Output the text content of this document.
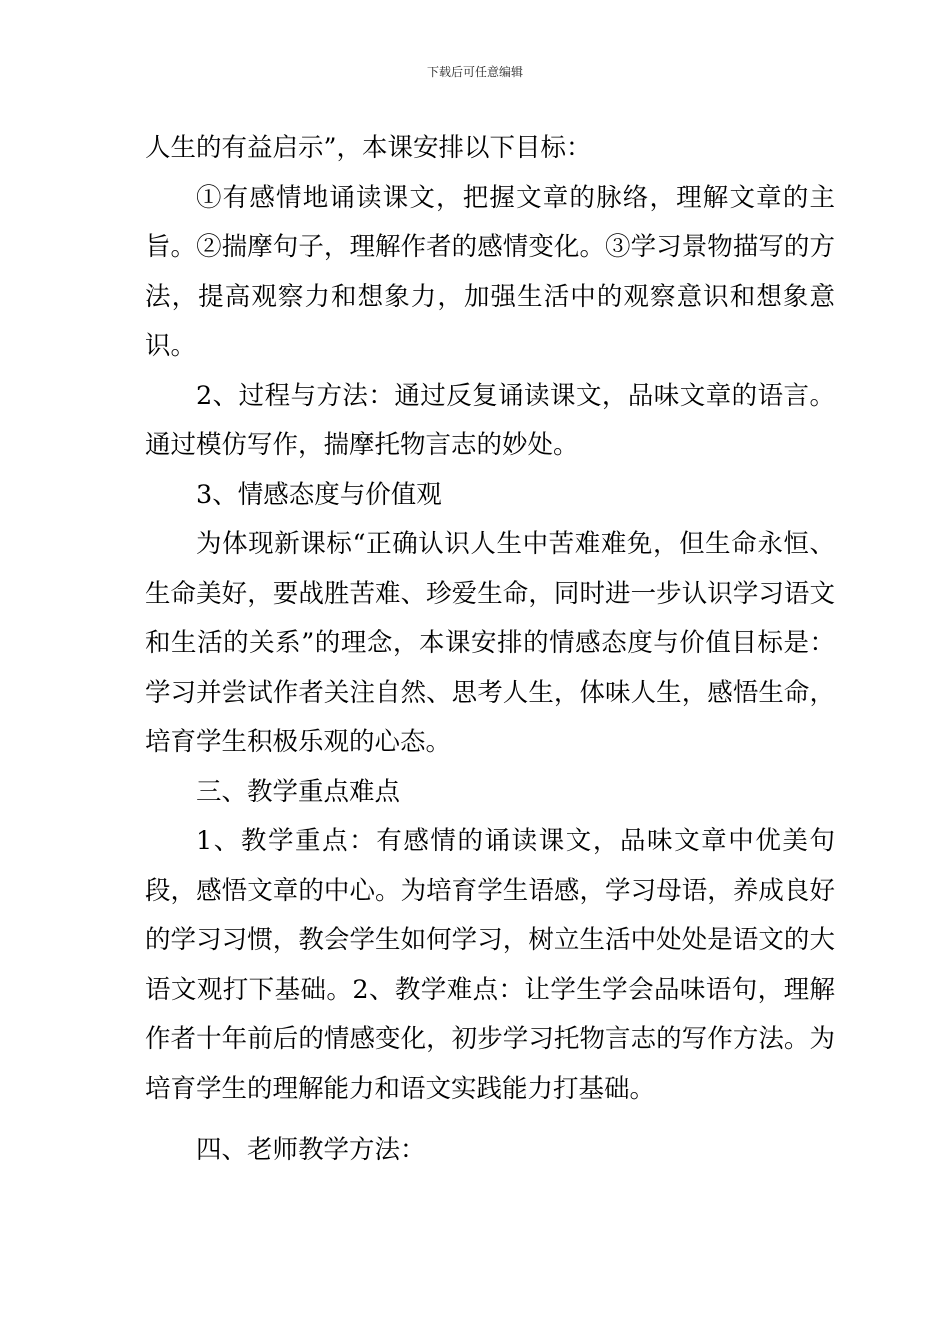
下载后可任意编辑

人生的有益启示”，本课安排以下目标：

①有感情地诵读课文，把握文章的脉络，理解文章的主旨。②揣摩句子，理解作者的感情变化。③学习景物描写的方法，提高观察力和想象力，加强生活中的观察意识和想象意识。

2、过程与方法：通过反复诵读课文，品味文章的语言。通过模仿写作，揣摩托物言志的妙处。

3、情感态度与价值观

为体现新课标“正确认识人生中苦难难免，但生命永恒、生命美好，要战胜苦难、珍爱生命，同时进一步认识学习语文和生活的关系”的理念，本课安排的情感态度与价值目标是：学习并尝试作者关注自然、思考人生，体味人生，感悟生命，培育学生积极乐观的心态。

三、教学重点难点

1、教学重点：有感情的诵读课文，品味文章中优美句段，感悟文章的中心。为培育学生语感，学习母语，养成良好的学习习惯，教会学生如何学习，树立生活中处处是语文的大语文观打下基础。2、教学难点：让学生学会品味语句，理解作者十年前后的情感变化，初步学习托物言志的写作方法。为培育学生的理解能力和语文实践能力打基础。

四、老师教学方法：
